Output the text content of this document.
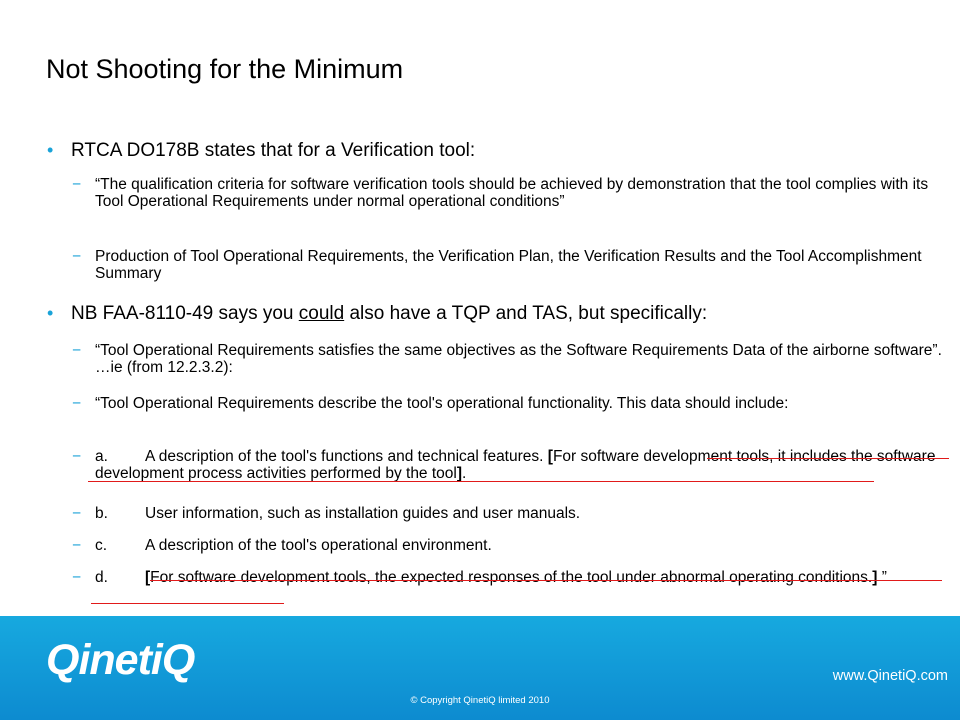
Not Shooting for the Minimum
• RTCA DO178B states that for a Verification tool:
− “The qualification criteria for software verification tools should be achieved by demonstration that the tool complies with its Tool Operational Requirements under normal operational conditions”
− Production of Tool Operational Requirements, the Verification Plan, the Verification Results and the Tool Accomplishment Summary
• NB FAA-8110-49 says you could also have a TQP and TAS, but specifically:
− “Tool Operational Requirements satisfies the same objectives as the Software Requirements Data of the airborne software”. …ie (from 12.2.3.2):
− “Tool Operational Requirements describe the tool's operational functionality. This data should include:
− a. A description of the tool's functions and technical features. [For software development tools, it includes the software development process activities performed by the tool].
− b. User information, such as installation guides and user manuals.
− c. A description of the tool's operational environment.
− d. [For software development tools, the expected responses of the tool under abnormal operating conditions.] ”
QinetiQ	www.QinetiQ.com
© Copyright QinetiQ limited 2010
